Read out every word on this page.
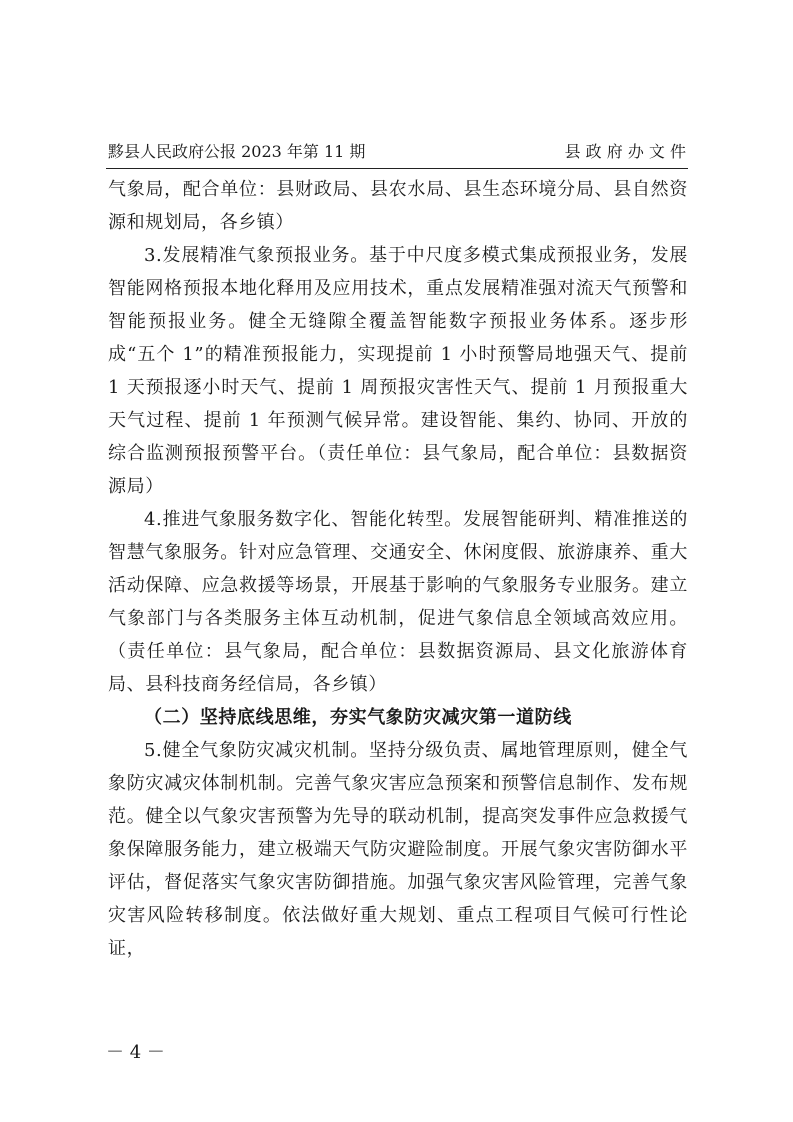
黟县人民政府公报 2023 年第 11 期	县 政 府 办 文 件

气象局，配合单位：县财政局、县农水局、县生态环境分局、县自然资源和规划局，各乡镇）

3.发展精准气象预报业务。基于中尺度多模式集成预报业务，发展智能网格预报本地化释用及应用技术，重点发展精准强对流天气预警和智能预报业务。健全无缝隙全覆盖智能数字预报业务体系。逐步形成“五个 1”的精准预报能力，实现提前 1 小时预警局地强天气、提前 1 天预报逐小时天气、提前 1 周预报灾害性天气、提前 1 月预报重大天气过程、提前 1 年预测气候异常。建设智能、集约、协同、开放的综合监测预报预警平台。（责任单位：县气象局，配合单位：县数据资源局）

4.推进气象服务数字化、智能化转型。发展智能研判、精准推送的智慧气象服务。针对应急管理、交通安全、休闲度假、旅游康养、重大活动保障、应急救援等场景，开展基于影响的气象服务专业服务。建立气象部门与各类服务主体互动机制，促进气象信息全领域高效应用。（责任单位：县气象局，配合单位：县数据资源局、县文化旅游体育局、县科技商务经信局，各乡镇）

（二）坚持底线思维，夯实气象防灾减灾第一道防线

5.健全气象防灾减灾机制。坚持分级负责、属地管理原则，健全气象防灾减灾体制机制。完善气象灾害应急预案和预警信息制作、发布规范。健全以气象灾害预警为先导的联动机制，提高突发事件应急救援气象保障服务能力，建立极端天气防灾避险制度。开展气象灾害防御水平评估，督促落实气象灾害防御措施。加强气象灾害风险管理，完善气象灾害风险转移制度。依法做好重大规划、重点工程项目气候可行性论证，

－ 4 －
